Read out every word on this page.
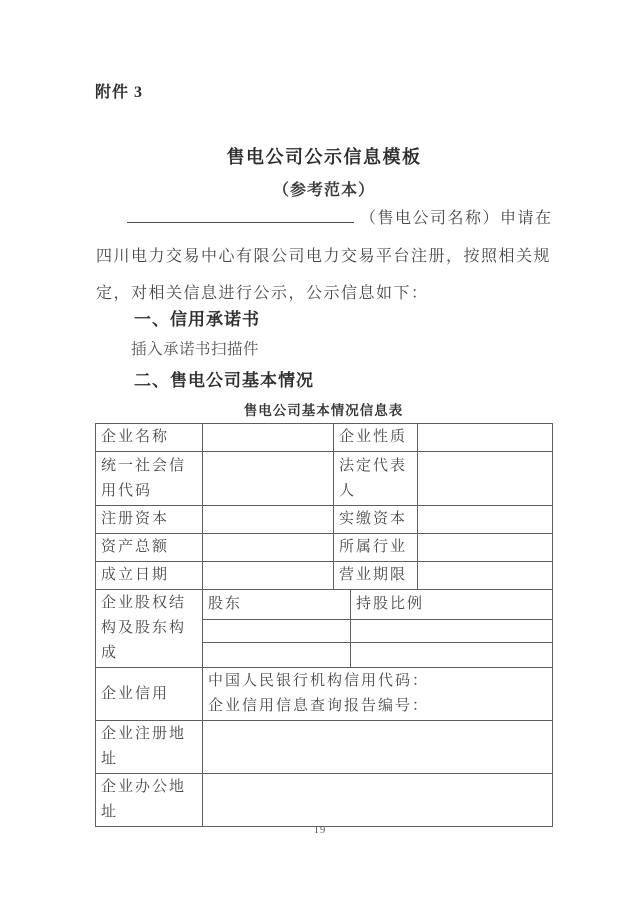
附件 3
售电公司公示信息模板
（参考范本）
（售电公司名称）申请在
四川电力交易中心有限公司电力交易平台注册，按照相关规
定，对相关信息进行公示，公示信息如下：
一、信用承诺书
插入承诺书扫描件
二、售电公司基本情况
售电公司基本情况信息表
企业名称		企业性质		
统一社会信用代码		法定代表人		
注册资本		实缴资本		
资产总额		所属行业		
成立日期		营业期限		
企业股权结构及股东构成	股东		持股比例	

企业信用	中国人民银行机构信用代码：
企业信用信息查询报告编号：			

企业注册地址				
企业办公地址				
19
